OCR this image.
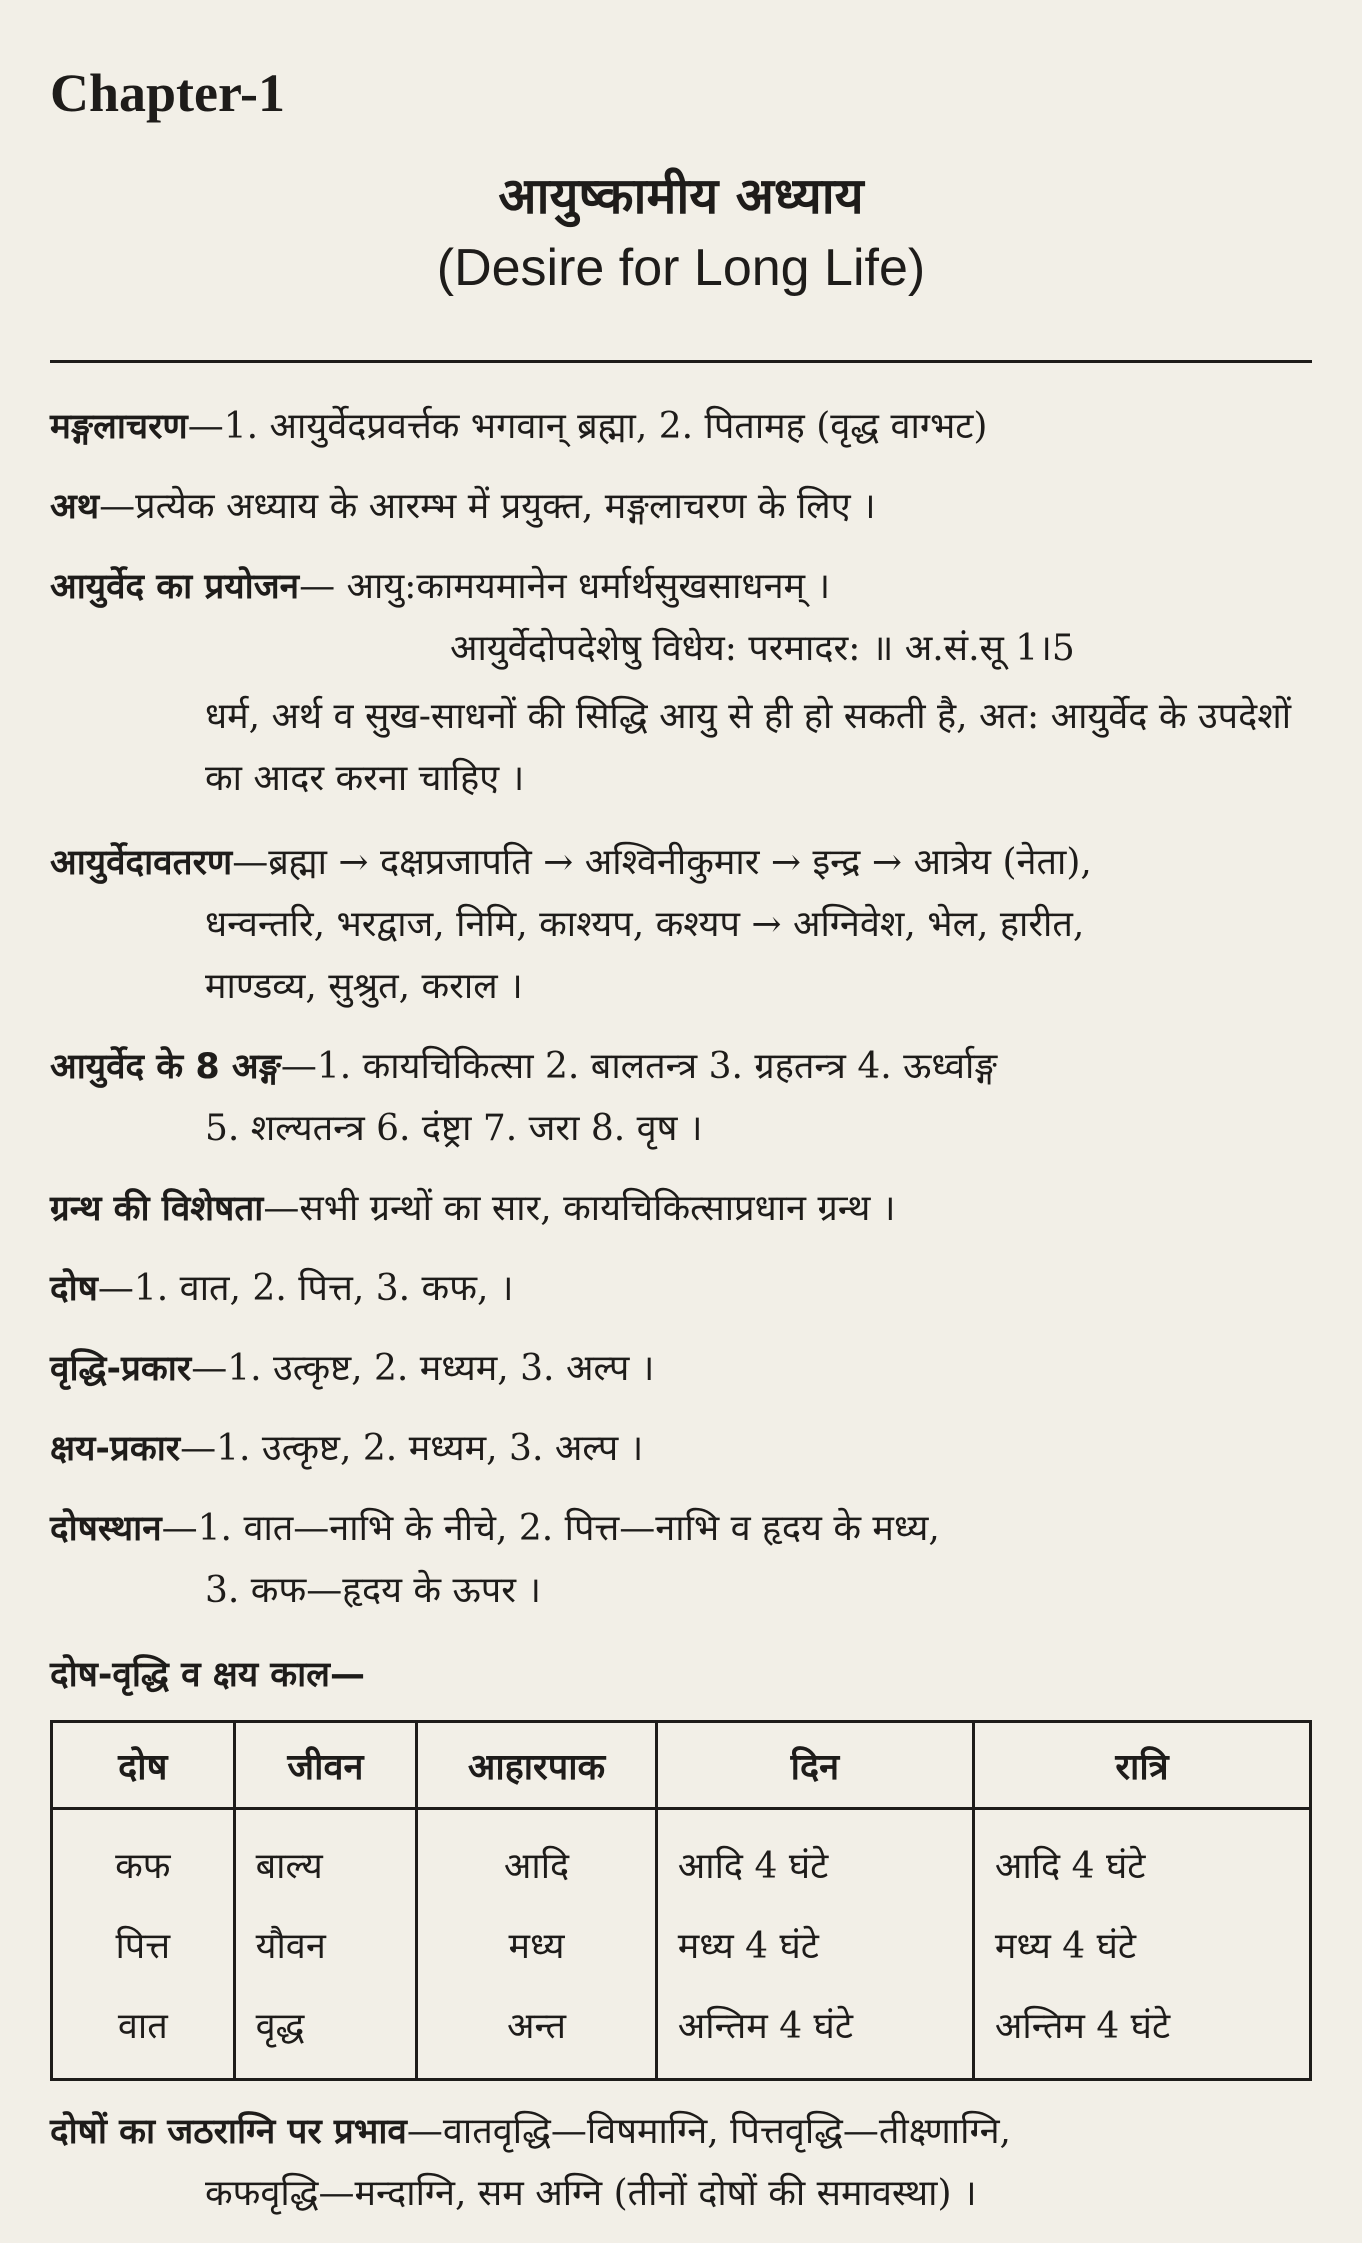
Chapter-1
आयुष्कामीय अध्याय
(Desire for Long Life)
मङ्गलाचरण—1. आयुर्वेदप्रवर्त्तक भगवान् ब्रह्मा, 2. पितामह (वृद्ध वाग्भट)
अथ—प्रत्येक अध्याय के आरम्भ में प्रयुक्त, मङ्गलाचरण के लिए ।
आयुर्वेद का प्रयोजन— आयु:कामयमानेन धर्मार्थसुखसाधनम् ।
आयुर्वेदोपदेशेषु विधेय: परमादर: ॥ अ.सं.सू 1।5
धर्म, अर्थ व सुख-साधनों की सिद्धि आयु से ही हो सकती है, अत: आयुर्वेद के उपदेशों का आदर करना चाहिए ।
आयुर्वेदावतरण—ब्रह्मा → दक्षप्रजापति → अश्विनीकुमार → इन्द्र → आत्रेय (नेता),
धन्वन्तरि, भरद्वाज, निमि, काश्यप, कश्यप → अग्निवेश, भेल, हारीत,
माण्डव्य, सुश्रुत, कराल ।
आयुर्वेद के 8 अङ्ग—1. कायचिकित्सा 2. बालतन्त्र 3. ग्रहतन्त्र 4. ऊर्ध्वाङ्ग
5. शल्यतन्त्र 6. दंष्ट्रा 7. जरा 8. वृष ।
ग्रन्थ की विशेषता—सभी ग्रन्थों का सार, कायचिकित्साप्रधान ग्रन्थ ।
दोष—1. वात, 2. पित्त, 3. कफ, ।
वृद्धि-प्रकार—1. उत्कृष्ट, 2. मध्यम, 3. अल्प ।
क्षय-प्रकार—1. उत्कृष्ट, 2. मध्यम, 3. अल्प ।
दोषस्थान—1. वात—नाभि के नीचे, 2. पित्त—नाभि व हृदय के मध्य,
3. कफ—हृदय के ऊपर ।
दोष-वृद्धि व क्षय काल—
दोष	जीवन	आहारपाक	दिन	रात्रि
कफ	बाल्य	आदि	आदि 4 घंटे	आदि 4 घंटे
पित्त	यौवन	मध्य	मध्य 4 घंटे	मध्य 4 घंटे
वात	वृद्ध	अन्त	अन्तिम 4 घंटे	अन्तिम 4 घंटे
दोषों का जठराग्नि पर प्रभाव—वातवृद्धि—विषमाग्नि, पित्तवृद्धि—तीक्ष्णाग्नि,
कफवृद्धि—मन्दाग्नि, सम अग्नि (तीनों दोषों की समावस्था) ।
